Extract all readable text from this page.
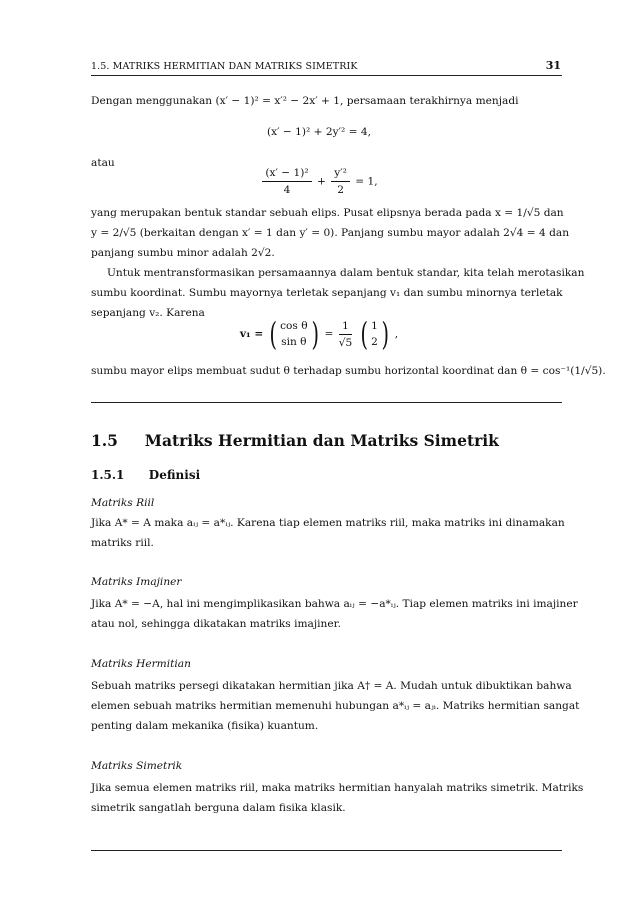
1.5. MATRIKS HERMITIAN DAN MATRIKS SIMETRIK	31
Dengan menggunakan (x′ − 1)² = x′² − 2x′ + 1, persamaan terakhirnya menjadi
(x′ − 1)² + 2y′² = 4,
atau
$\frac{\text{(x′ − 1)²}}{4} + \frac{\text{y′²}}{2} = 1$,
yang merupakan bentuk standar sebuah elips. Pusat elipsnya berada pada x = 1/√5 dan
y = 2/√5 (berkaitan dengan x′ = 1 dan y′ = 0). Panjang sumbu mayor adalah 2√4 = 4 dan
panjang sumbu minor adalah 2√2.
Untuk mentransformasikan persamaannya dalam bentuk standar, kita telah merotasikan
sumbu koordinat. Sumbu mayornya terletak sepanjang v₁ dan sumbu minornya terletak
sepanjang v₂. Karena
v₁ = ( cos θ
sin θ ) = $\frac{1}{√5}$
( 1
2 ) ,
sumbu mayor elips membuat sudut θ terhadap sumbu horizontal koordinat dan θ = cos⁻¹(1/√5).
1.5 Matriks Hermitian dan Matriks Simetrik
1.5.1 Definisi
Matriks Riil
Jika A* = A maka aᵢⱼ = a*ᵢⱼ. Karena tiap elemen matriks riil, maka matriks ini dinamakan
matriks riil.
Matriks Imajiner
Jika A* = −A, hal ini mengimplikasikan bahwa aᵢⱼ = −a*ᵢⱼ. Tiap elemen matriks ini imajiner
atau nol, sehingga dikatakan matriks imajiner.
Matriks Hermitian
Sebuah matriks persegi dikatakan hermitian jika A† = A. Mudah untuk dibuktikan bahwa
elemen sebuah matriks hermitian memenuhi hubungan a*ᵢⱼ = aⱼᵢ. Matriks hermitian sangat
penting dalam mekanika (fisika) kuantum.
Matriks Simetrik
Jika semua elemen matriks riil, maka matriks hermitian hanyalah matriks simetrik. Matriks
simetrik sangatlah berguna dalam fisika klasik.
